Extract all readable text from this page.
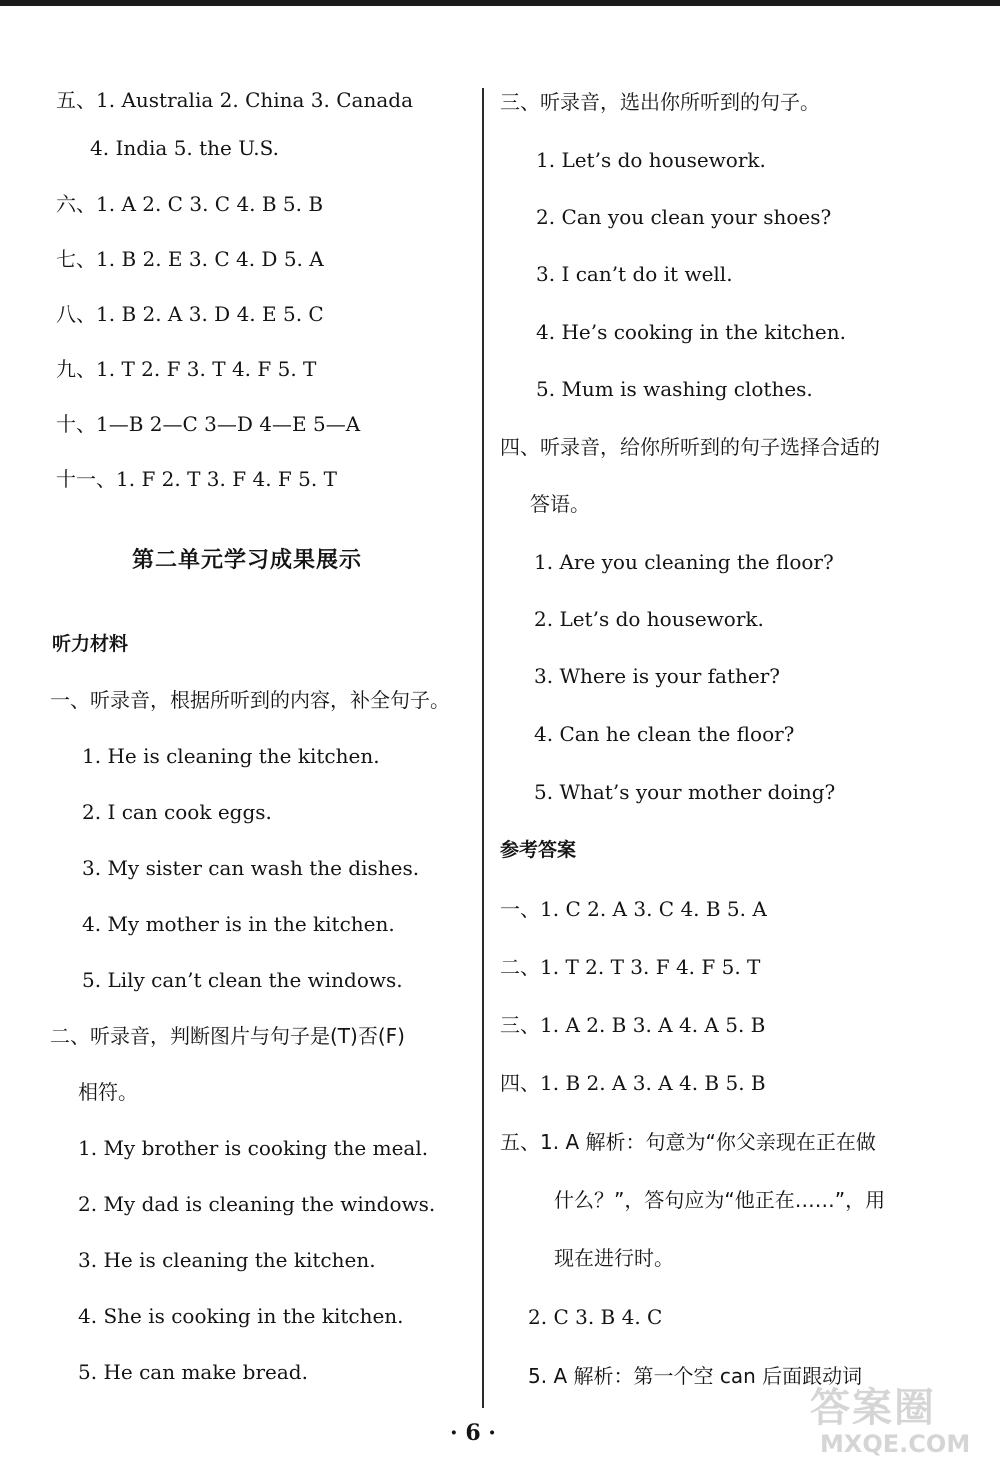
五、1. Australia 2. China 3. Canada
4. India 5. the U.S.
六、1. A 2. C 3. C 4. B 5. B
七、1. B 2. E 3. C 4. D 5. A
八、1. B 2. A 3. D 4. E 5. C
九、1. T 2. F 3. T 4. F 5. T
十、1—B 2—C 3—D 4—E 5—A
十一、1. F 2. T 3. F 4. F 5. T
第二单元学习成果展示
听力材料
一、听录音，根据所听到的内容，补全句子。
1. He is cleaning the kitchen.
2. I can cook eggs.
3. My sister can wash the dishes.
4. My mother is in the kitchen.
5. Lily can’t clean the windows.
二、听录音，判断图片与句子是(T)否(F)
相符。
1. My brother is cooking the meal.
2. My dad is cleaning the windows.
3. He is cleaning the kitchen.
4. She is cooking in the kitchen.
5. He can make bread.
三、听录音，选出你所听到的句子。
1. Let’s do housework.
2. Can you clean your shoes?
3. I can’t do it well.
4. He’s cooking in the kitchen.
5. Mum is washing clothes.
四、听录音，给你所听到的句子选择合适的
答语。
1. Are you cleaning the floor?
2. Let’s do housework.
3. Where is your father?
4. Can he clean the floor?
5. What’s your mother doing?
参考答案
一、1. C 2. A 3. C 4. B 5. A
二、1. T 2. T 3. F 4. F 5. T
三、1. A 2. B 3. A 4. A 5. B
四、1. B 2. A 3. A 4. B 5. B
五、1. A 解析：句意为“你父亲现在正在做
什么？”，答句应为“他正在……”，用
现在进行时。
2. C 3. B 4. C
5. A 解析：第一个空 can 后面跟动词
· 6 ·
答案圈
MXQE.COM
